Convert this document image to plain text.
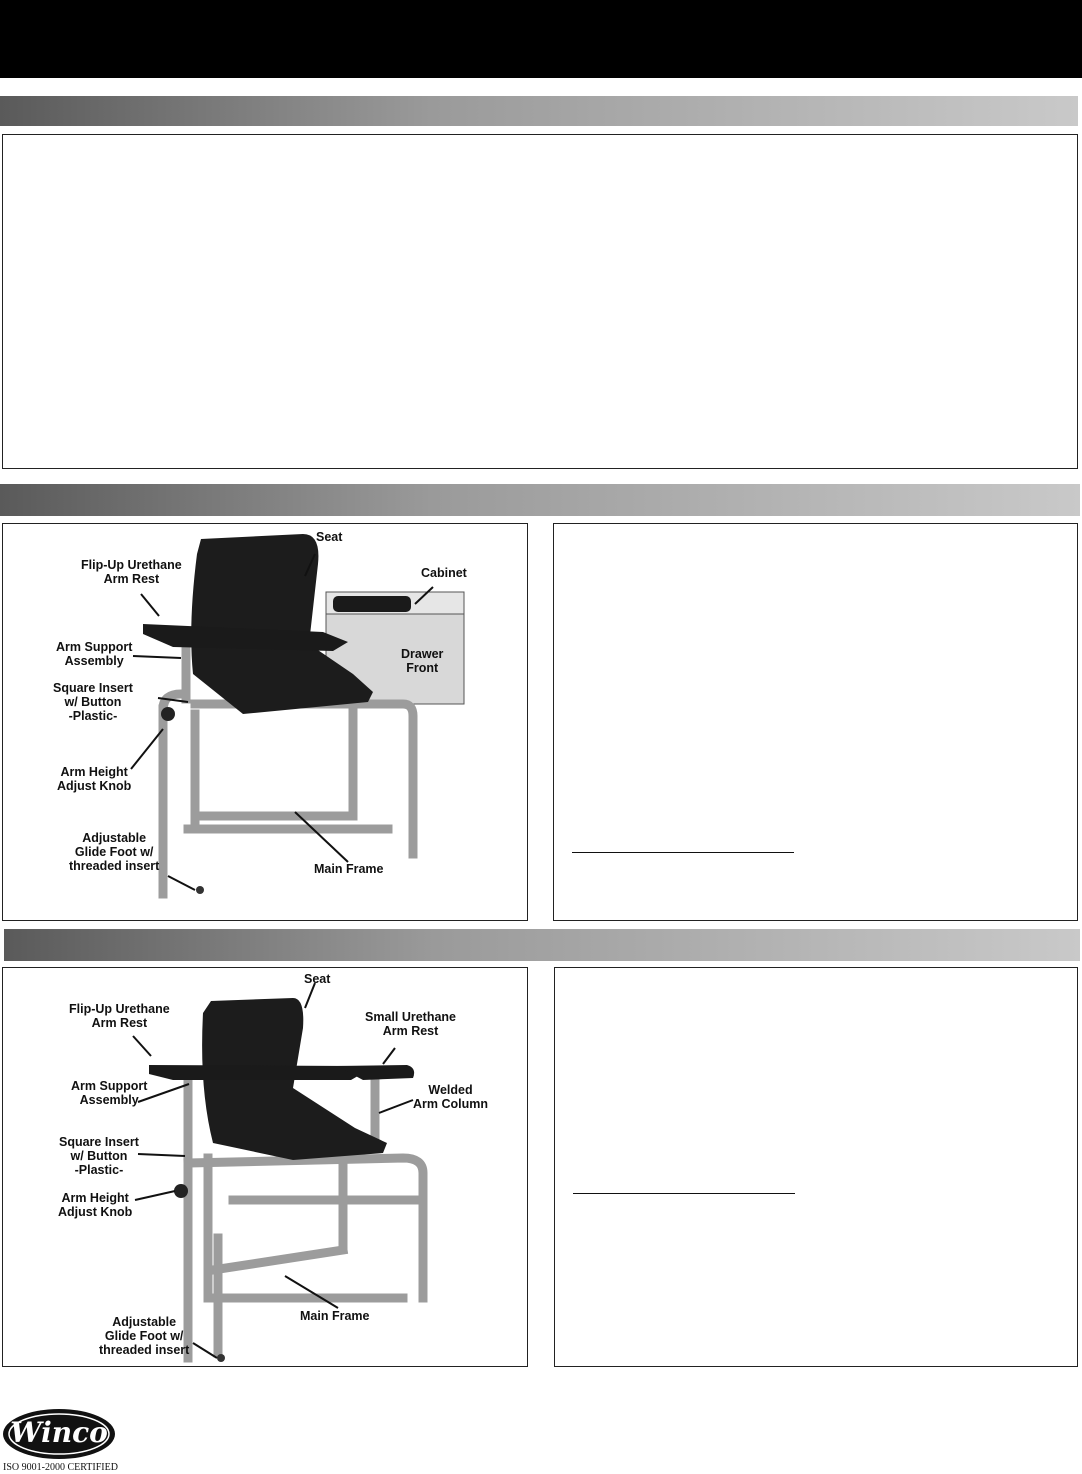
Seat
Flip-Up Urethane
Arm Rest	Cabinet
Arm Support
Assembly	Drawer
Front
Square Insert
w/ Button
-Plastic-
Arm Height
Adjust Knob
Adjustable
Glide Foot w/
threaded insert	Main Frame
Seat
Flip-Up Urethane
Arm Rest	Small Urethane
Arm Rest
Arm Support
Assembly
Welded
Arm Column
Square Insert
w/ Button
-Plastic-
Arm Height
Adjust Knob
Adjustable
Glide Foot w/
threaded insert
Main Frame
Winco
ISO 9001-2000 CERTIFIED
